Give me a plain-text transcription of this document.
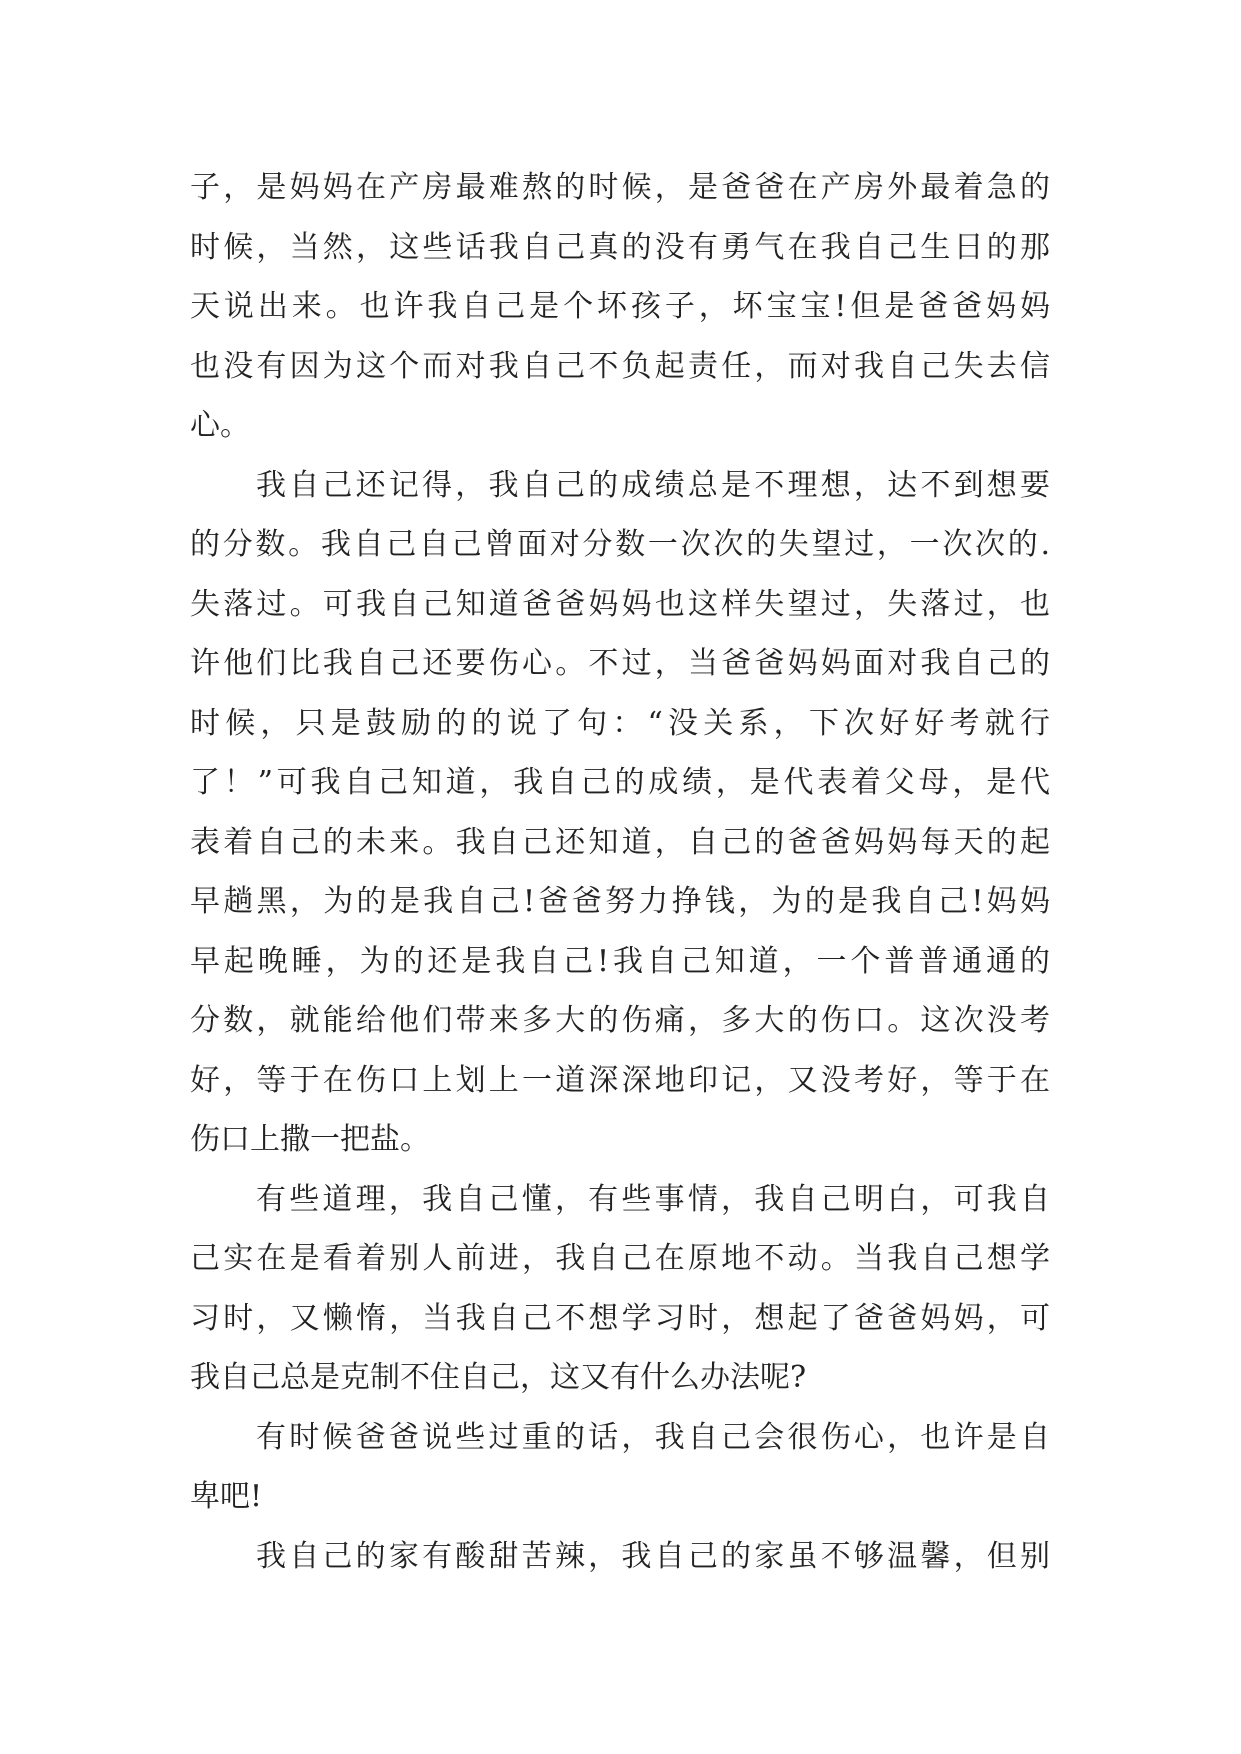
子，是妈妈在产房最难熬的时候，是爸爸在产房外最着急的
时候，当然，这些话我自己真的没有勇气在我自己生日的那
天说出来。也许我自己是个坏孩子，坏宝宝!但是爸爸妈妈
也没有因为这个而对我自己不负起责任，而对我自己失去信
心。
我自己还记得，我自己的成绩总是不理想，达不到想要
的分数。我自己自己曾面对分数一次次的失望过，一次次的.
失落过。可我自己知道爸爸妈妈也这样失望过，失落过，也
许他们比我自己还要伤心。不过，当爸爸妈妈面对我自己的
时候，只是鼓励的的说了句：“没关系，下次好好考就行
了！”可我自己知道，我自己的成绩，是代表着父母，是代
表着自己的未来。我自己还知道，自己的爸爸妈妈每天的起
早趟黑，为的是我自己!爸爸努力挣钱，为的是我自己!妈妈
早起晚睡，为的还是我自己!我自己知道，一个普普通通的
分数，就能给他们带来多大的伤痛，多大的伤口。这次没考
好，等于在伤口上划上一道深深地印记，又没考好，等于在
伤口上撒一把盐。
有些道理，我自己懂，有些事情，我自己明白，可我自
己实在是看着别人前进，我自己在原地不动。当我自己想学
习时，又懒惰，当我自己不想学习时，想起了爸爸妈妈，可
我自己总是克制不住自己，这又有什么办法呢?
有时候爸爸说些过重的话，我自己会很伤心，也许是自
卑吧!
我自己的家有酸甜苦辣，我自己的家虽不够温馨，但别
